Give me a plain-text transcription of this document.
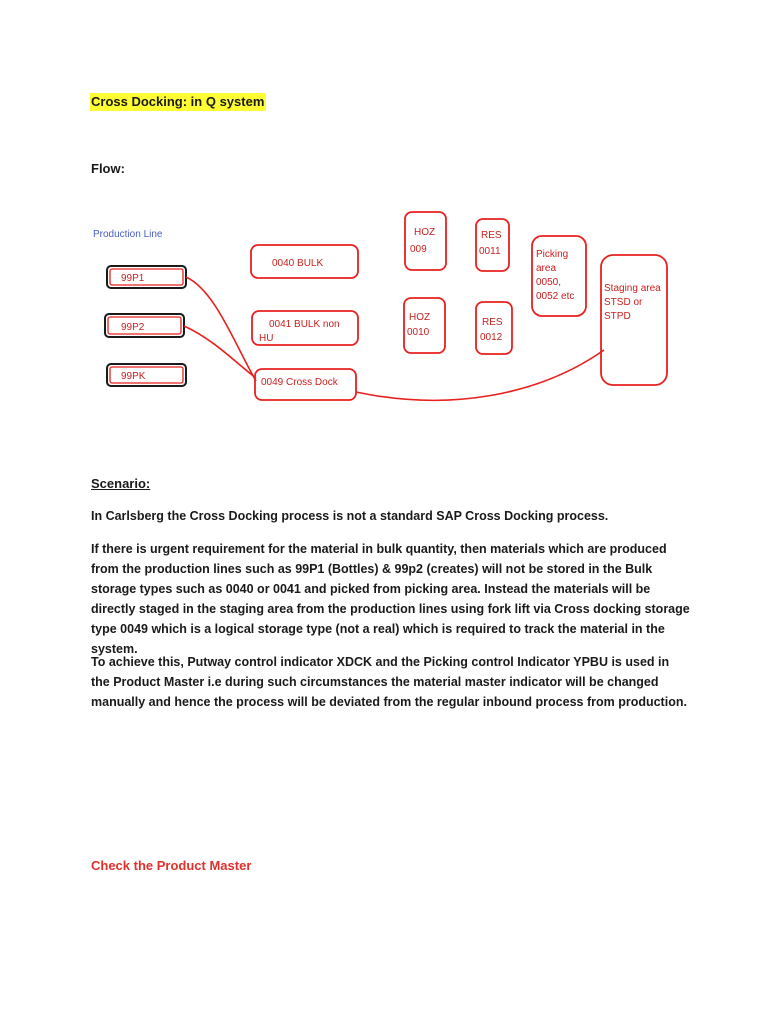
Cross Docking: in Q system
Flow:
Production Line
99P1
99P2
99PK
0040 BULK
0041 BULK non
HU
0049 Cross Dock
HOZ
009
HOZ
0010
RES
0011
RES
0012
Picking
area
0050,
0052 etc
Staging area
STSD or
STPD
Scenario:
In Carlsberg the Cross Docking process is not a standard SAP Cross Docking process.
If there is urgent requirement for the material in bulk quantity, then materials which are produced from the production lines such as 99P1 (Bottles) & 99p2 (creates) will not be stored in the Bulk storage types such as 0040 or 0041 and picked from picking area. Instead the materials will be directly staged in the staging area from the production lines using fork lift via Cross docking storage type 0049 which is a logical storage type (not a real) which is required to track the material in the system.
To achieve this, Putway control indicator XDCK and the Picking control Indicator YPBU is used in the Product Master i.e during such circumstances the material master indicator will be changed manually and hence the process will be deviated from the regular inbound process from production.
Check the Product Master
